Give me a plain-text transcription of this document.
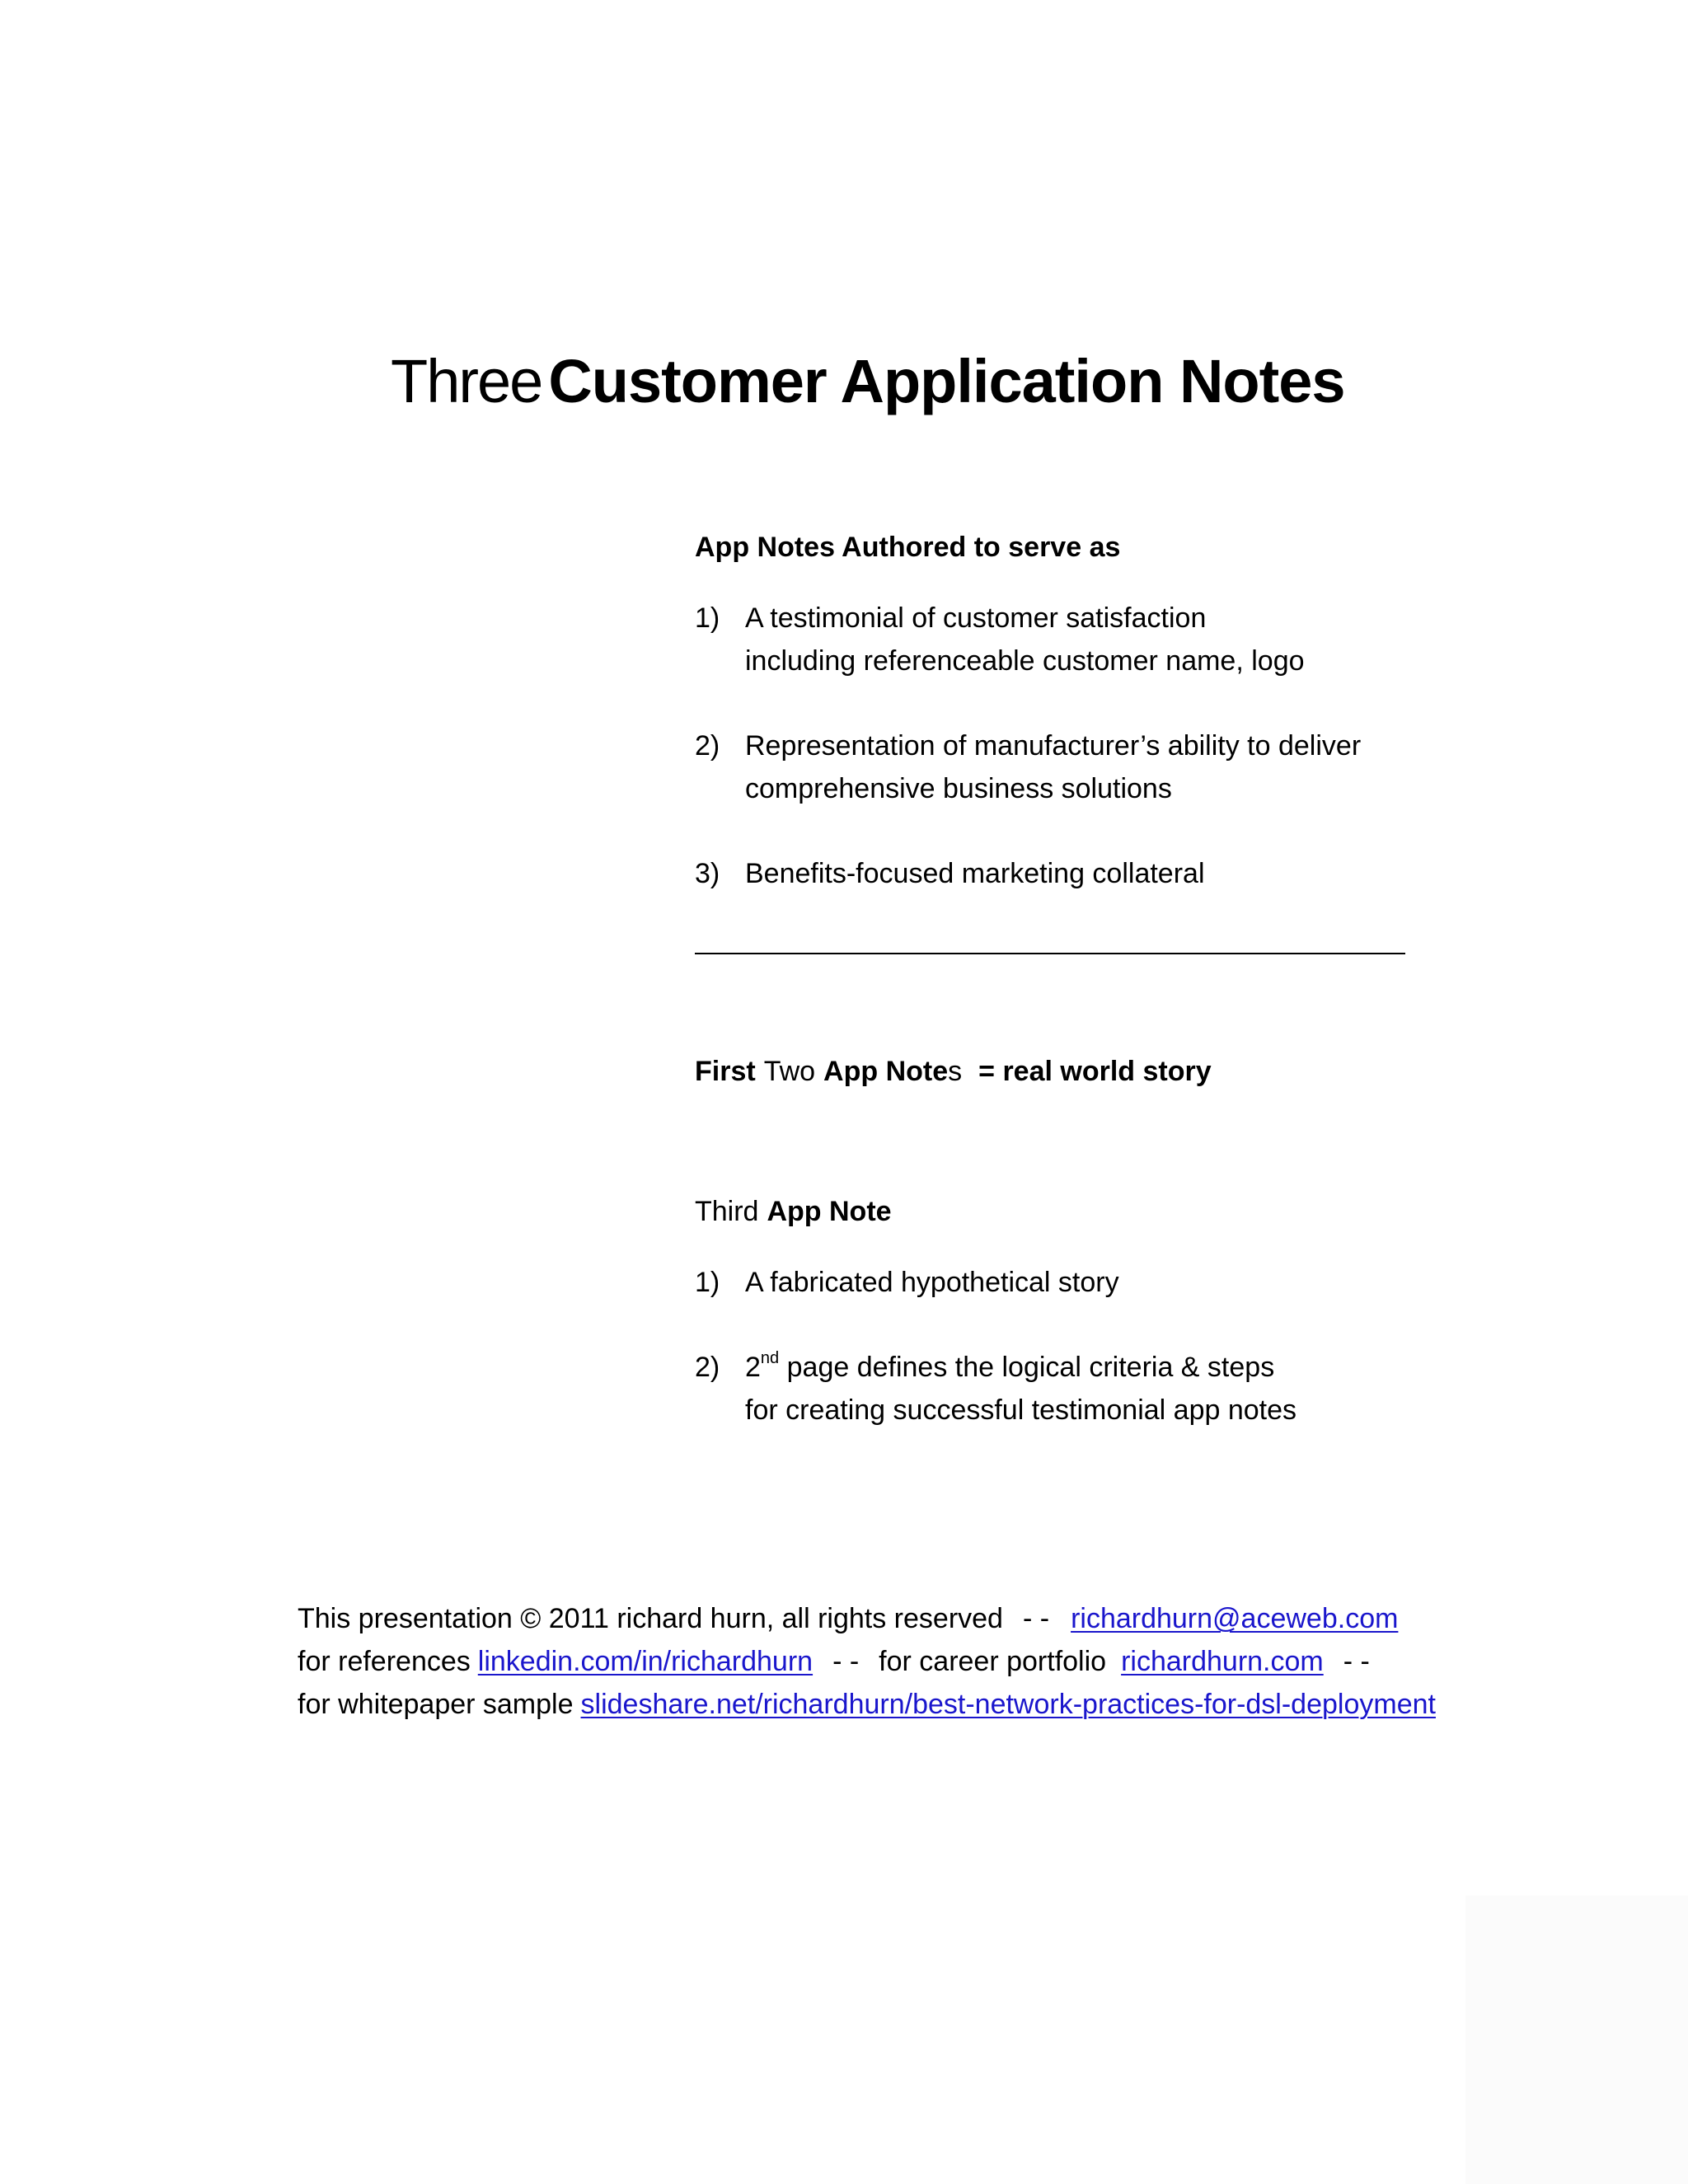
Three Customer Application Notes
App Notes Authored to serve as
1) A testimonial of customer satisfaction
including referenceable customer name, logo
2) Representation of manufacturer’s ability to deliver
comprehensive business solutions
3) Benefits-focused marketing collateral
First Two App Notes = real world story
Third App Note
1) A fabricated hypothetical story
2) 2nd page defines the logical criteria & steps
for creating successful testimonial app notes
This presentation © 2011 richard hurn, all rights reserved - - richardhurn@aceweb.com
for references linkedin.com/in/richardhurn - - for career portfolio richardhurn.com - -
for whitepaper sample slideshare.net/richardhurn/best-network-practices-for-dsl-deployment
